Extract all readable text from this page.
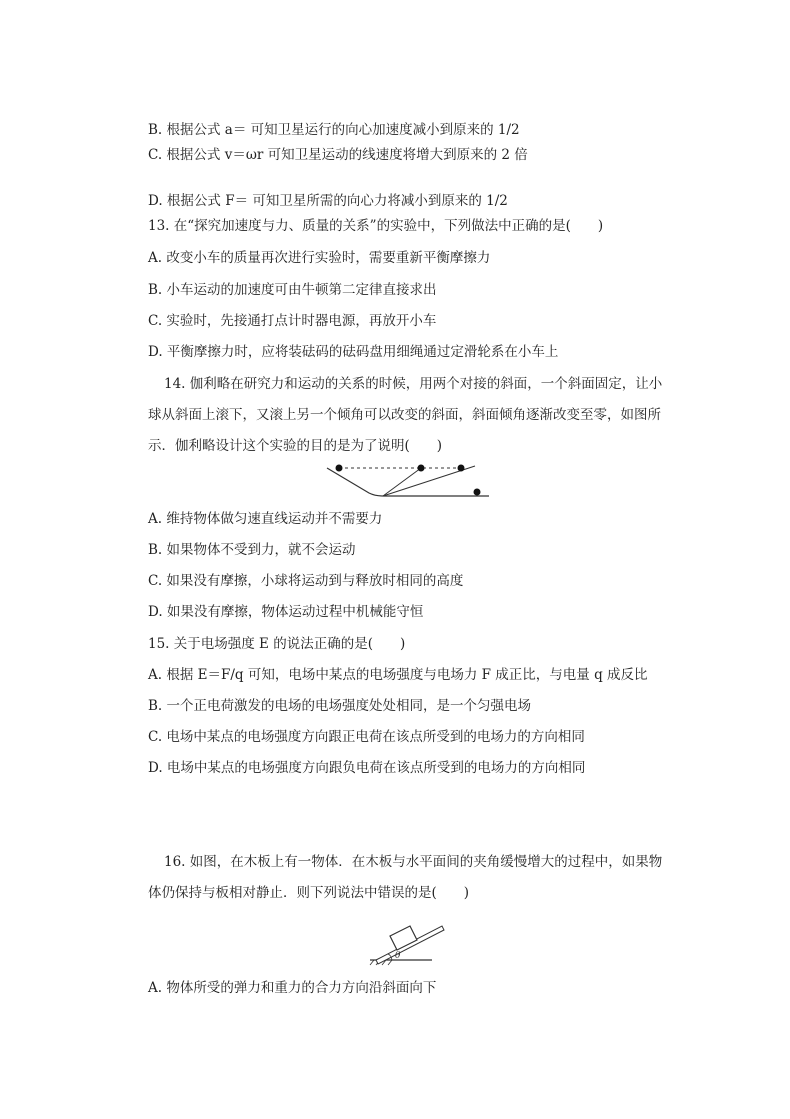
B. 根据公式 a＝ 可知卫星运行的向心加速度减小到原来的 1/2
C. 根据公式 v＝ωr 可知卫星运动的线速度将增大到原来的 2 倍
D. 根据公式 F＝ 可知卫星所需的向心力将减小到原来的 1/2
13. 在“探究加速度与力、质量的关系”的实验中，下列做法中正确的是(　　)
A. 改变小车的质量再次进行实验时，需要重新平衡摩擦力
B. 小车运动的加速度可由牛顿第二定律直接求出
C. 实验时，先接通打点计时器电源，再放开小车
D. 平衡摩擦力时，应将装砝码的砝码盘用细绳通过定滑轮系在小车上
14. 伽利略在研究力和运动的关系的时候，用两个对接的斜面，一个斜面固定，让小
球从斜面上滚下，又滚上另一个倾角可以改变的斜面，斜面倾角逐渐改变至零，如图所
示．伽利略设计这个实验的目的是为了说明(　　)
A. 维持物体做匀速直线运动并不需要力
B. 如果物体不受到力，就不会运动
C. 如果没有摩擦，小球将运动到与释放时相同的高度
D. 如果没有摩擦，物体运动过程中机械能守恒
15. 关于电场强度 E 的说法正确的是(　　)
A. 根据 E＝F/q 可知，电场中某点的电场强度与电场力 F 成正比，与电量 q 成反比
B. 一个正电荷激发的电场的电场强度处处相同，是一个匀强电场
C. 电场中某点的电场强度方向跟正电荷在该点所受到的电场力的方向相同
D. 电场中某点的电场强度方向跟负电荷在该点所受到的电场力的方向相同
16. 如图，在木板上有一物体．在木板与水平面间的夹角缓慢增大的过程中，如果物
体仍保持与板相对静止．则下列说法中错误的是(　　)
θ
A. 物体所受的弹力和重力的合力方向沿斜面向下
